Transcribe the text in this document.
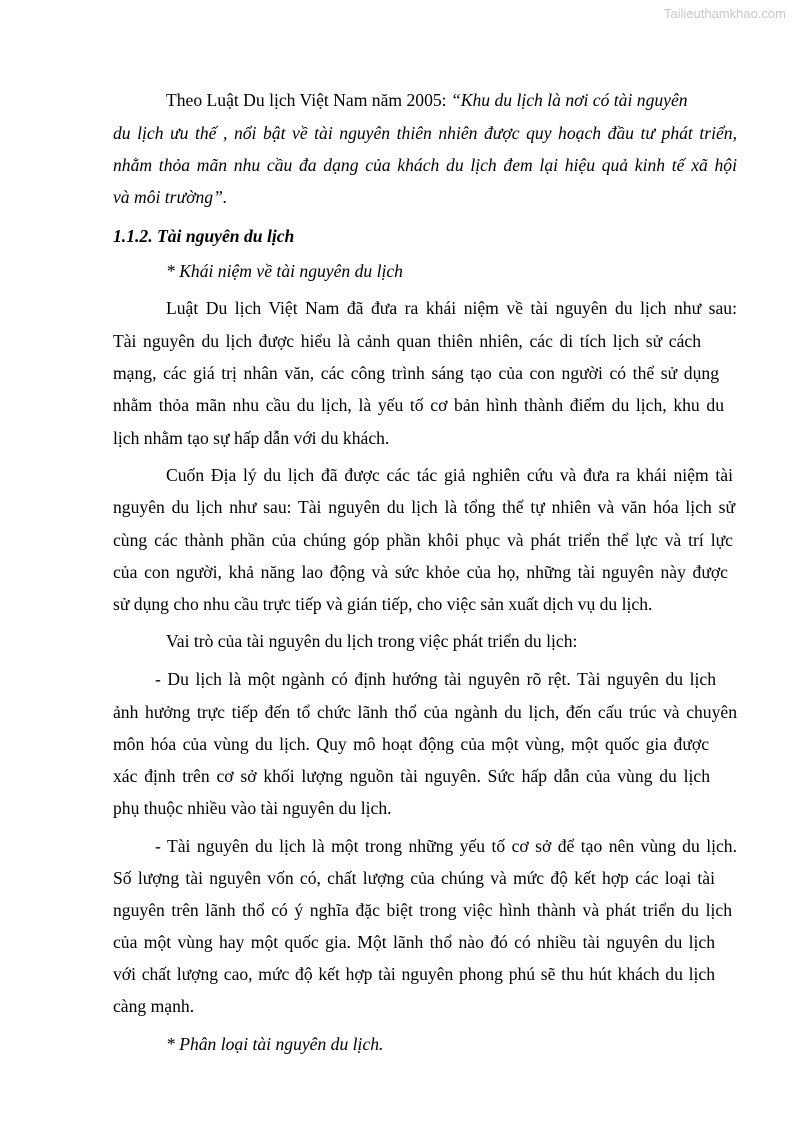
Tailieuthamkhao.com
Theo Luật Du lịch Việt Nam năm 2005: “Khu du lịch là nơi có tài nguyên
du lịch ưu thế , nổi bật về tài nguyên thiên nhiên được quy hoạch đầu tư phát triển,
nhằm thỏa mãn nhu cầu đa dạng của khách du lịch đem lại hiệu quả kinh tế xã hội
và môi trường”.
1.1.2. Tài nguyên du lịch
* Khái niệm về tài nguyên du lịch
Luật Du lịch Việt Nam đã đưa ra khái niệm về tài nguyên du lịch như sau:
Tài nguyên du lịch được hiểu là cảnh quan thiên nhiên, các di tích lịch sử cách
mạng, các giá trị nhân văn, các công trình sáng tạo của con người có thể sử dụng
nhằm thỏa mãn nhu cầu du lịch, là yếu tố cơ bản hình thành điểm du lịch, khu du
lịch nhằm tạo sự hấp dẫn với du khách.
Cuốn Địa lý du lịch đã được các tác giả nghiên cứu và đưa ra khái niệm tài
nguyên du lịch như sau: Tài nguyên du lịch là tổng thể tự nhiên và văn hóa lịch sử
cùng các thành phần của chúng góp phần khôi phục và phát triển thể lực và trí lực
của con người, khả năng lao động và sức khỏe của họ, những tài nguyên này được
sử dụng cho nhu cầu trực tiếp và gián tiếp, cho việc sản xuất dịch vụ du lịch.
Vai trò của tài nguyên du lịch trong việc phát triển du lịch:
- Du lịch là một ngành có định hướng tài nguyên rõ rệt. Tài nguyên du lịch
ảnh hưởng trực tiếp đến tổ chức lãnh thổ của ngành du lịch, đến cấu trúc và chuyên
môn hóa của vùng du lịch. Quy mô hoạt động của một vùng, một quốc gia được
xác định trên cơ sở khối lượng nguồn tài nguyên. Sức hấp dẫn của vùng du lịch
phụ thuộc nhiều vào tài nguyên du lịch.
- Tài nguyên du lịch là một trong những yếu tố cơ sở để tạo nên vùng du lịch.
Số lượng tài nguyên vốn có, chất lượng của chúng và mức độ kết hợp các loại tài
nguyên trên lãnh thổ có ý nghĩa đặc biệt trong việc hình thành và phát triển du lịch
của một vùng hay một quốc gia. Một lãnh thổ nào đó có nhiều tài nguyên du lịch
với chất lượng cao, mức độ kết hợp tài nguyên phong phú sẽ thu hút khách du lịch
càng mạnh.
* Phân loại tài nguyên du lịch.
